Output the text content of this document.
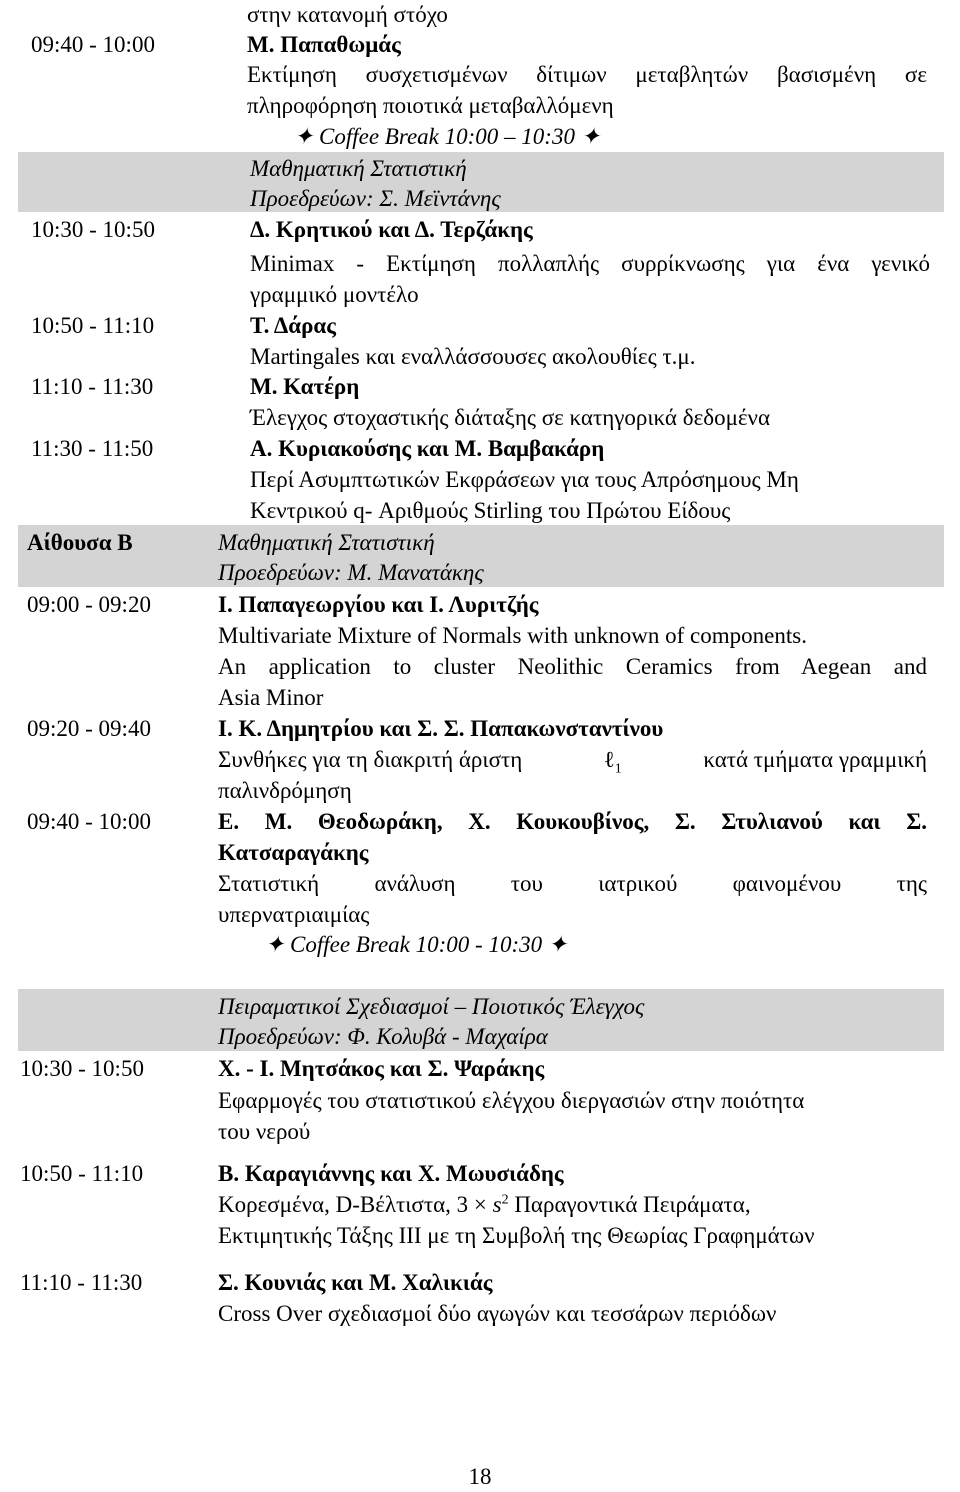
στην κατανομή στόχο
09:40 - 10:00	Μ. Παπαθωμάς
Εκτίμηση συσχετισμένων δίτιμων μεταβλητών βασισμένη σε
πληροφόρηση ποιοτικά μεταβαλλόμενη
✦ Coffee Break 10:00 – 10:30 ✦
Μαθηματική Στατιστική
Προεδρεύων: Σ. Μεϊντάνης
10:30 - 10:50	Δ. Κρητικού και Δ. Τερζάκης
Minimax - Εκτίμηση πολλαπλής συρρίκνωσης για ένα γενικό
γραμμικό μοντέλο
10:50 - 11:10	Τ. Δάρας
Martingales και εναλλάσσουσες ακολουθίες τ.μ.
11:10 - 11:30	Μ. Κατέρη
Έλεγχος στοχαστικής διάταξης σε κατηγορικά δεδομένα
11:30 - 11:50	Α. Κυριακούσης και Μ. Βαμβακάρη
Περί Ασυμπτωτικών Εκφράσεων για τους Απρόσημους Μη
Κεντρικού q- Αριθμούς Stirling του Πρώτου Είδους
Αίθουσα Β	Μαθηματική Στατιστική
Προεδρεύων: Μ. Μανατάκης
09:00 - 09:20	Ι. Παπαγεωργίου και Ι. Λυριτζής
Multivariate Mixture of Normals with unknown of components.
An application to cluster Neolithic Ceramics from Aegean and
Asia Minor
09:20 - 09:40	Ι. Κ. Δημητρίου και Σ. Σ. Παπακωνσταντίνου
Συνθήκες για τη διακριτή άριστη	ℓ$_1$	κατά τμήματα γραμμική
παλινδρόμηση
09:40 - 10:00	Ε. Μ. Θεοδωράκη, Χ. Κουκουβίνος, Σ. Στυλιανού και Σ.
Κατσαραγάκης
Στατιστική ανάλυση του ιατρικού φαινομένου της
υπερνατριαιμίας
✦ Coffee Break 10:00 - 10:30 ✦
Πειραματικοί Σχεδιασμοί – Ποιοτικός Έλεγχος
Προεδρεύων: Φ. Κολυβά - Μαχαίρα
10:30 - 10:50	Χ. - Ι. Μητσάκος και Σ. Ψαράκης
Εφαρμογές του στατιστικού ελέγχου διεργασιών στην ποιότητα
του νερού
10:50 - 11:10	Β. Καραγιάννης και Χ. Μωυσιάδης
Κορεσμένα, D-Βέλτιστα, $3 \times s^2$ Παραγοντικά Πειράματα,
Εκτιμητικής Τάξης ΙΙΙ με τη Συμβολή της Θεωρίας Γραφημάτων
11:10 - 11:30	Σ. Κουνιάς και Μ. Χαλικιάς
Cross Over σχεδιασμοί δύο αγωγών και τεσσάρων περιόδων
18
